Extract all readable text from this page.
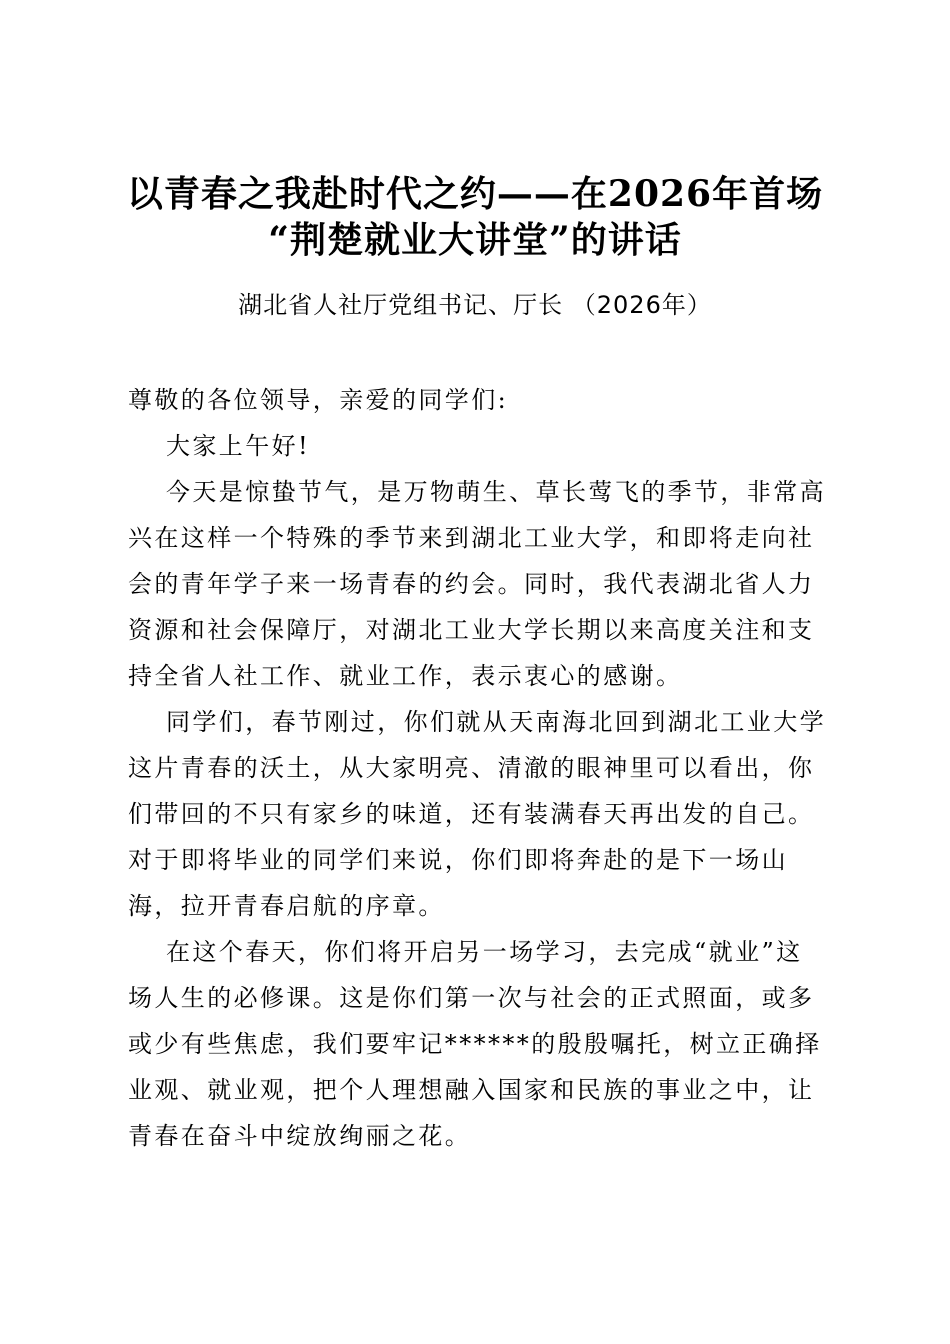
以青春之我赴时代之约——在2026年首场
“荆楚就业大讲堂”的讲话

湖北省人社厅党组书记、厅长 （2026年）

尊敬的各位领导，亲爱的同学们:

大家上午好!

今天是惊蛰节气，是万物萌生、草长莺飞的季节，非常高兴在这样一个特殊的季节来到湖北工业大学，和即将走向社会的青年学子来一场青春的约会。同时，我代表湖北省人力资源和社会保障厅，对湖北工业大学长期以来高度关注和支持全省人社工作、就业工作，表示衷心的感谢。

同学们，春节刚过，你们就从天南海北回到湖北工业大学这片青春的沃土，从大家明亮、清澈的眼神里可以看出，你们带回的不只有家乡的味道，还有装满春天再出发的自己。对于即将毕业的同学们来说，你们即将奔赴的是下一场山海，拉开青春启航的序章。

在这个春天，你们将开启另一场学习，去完成“就业”这场人生的必修课。这是你们第一次与社会的正式照面，或多或少有些焦虑，我们要牢记******的殷殷嘱托，树立正确择业观、就业观，把个人理想融入国家和民族的事业之中，让青春在奋斗中绽放绚丽之花。
